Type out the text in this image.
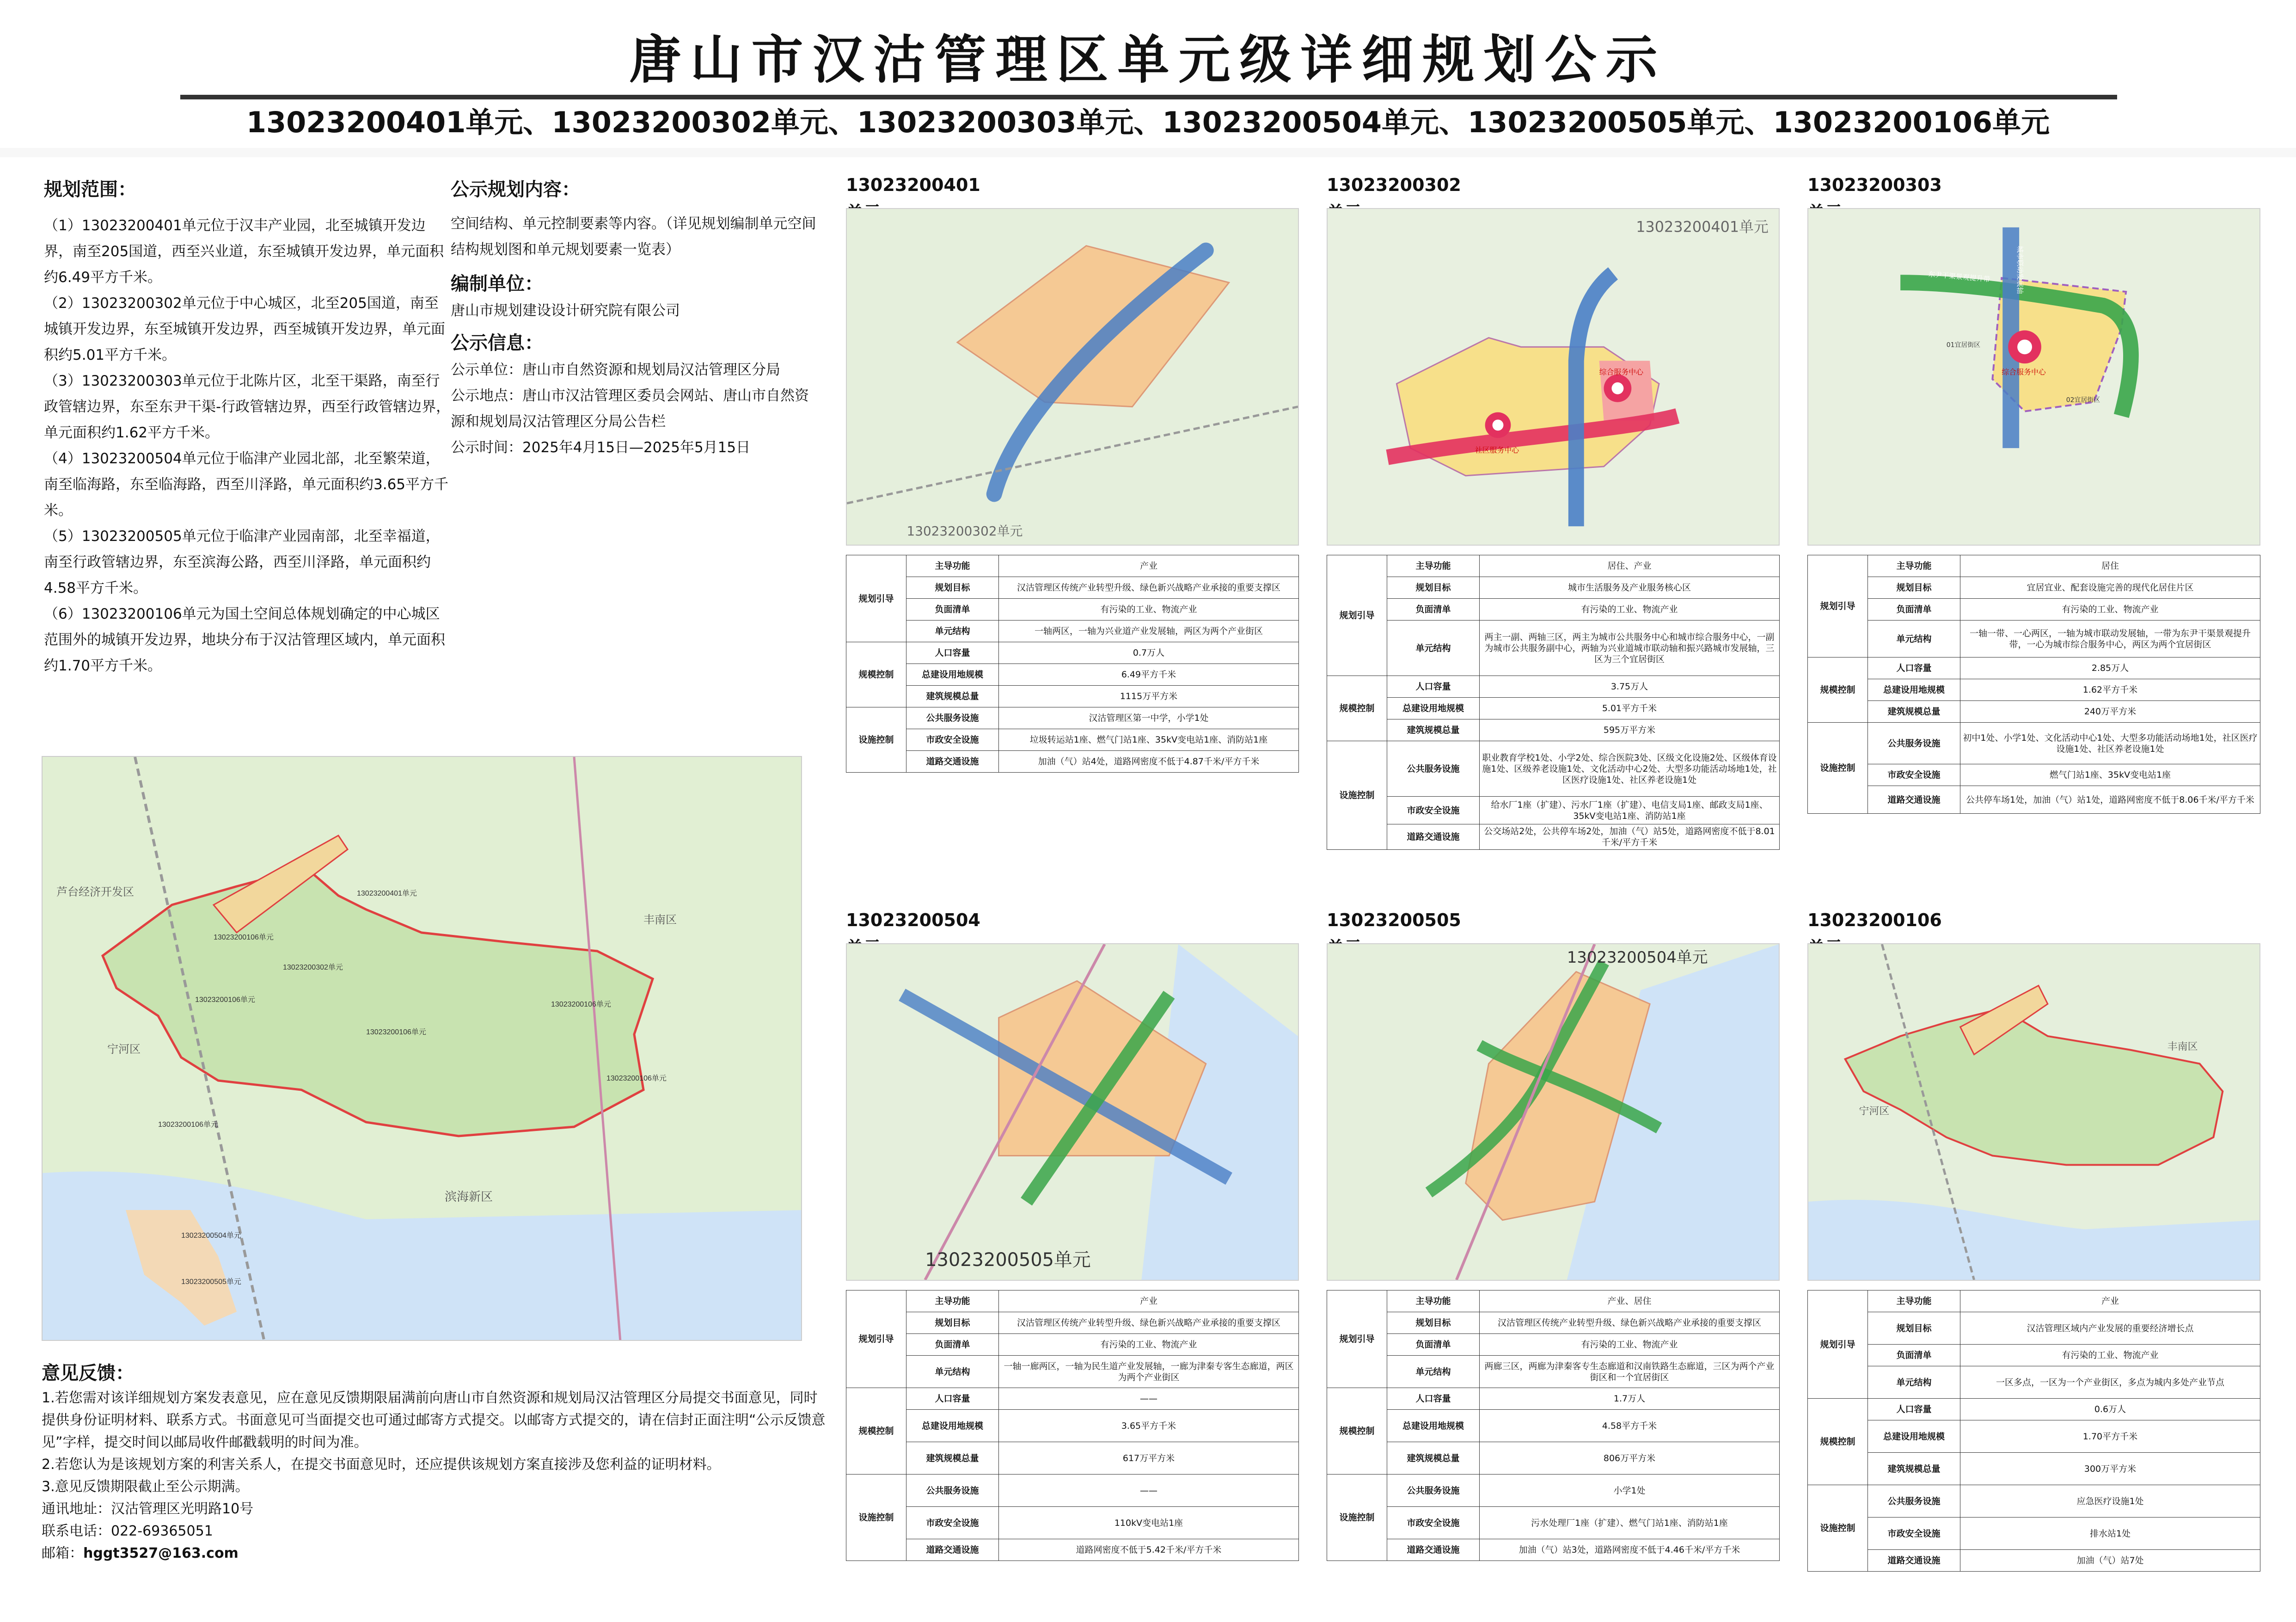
唐山市汉沽管理区单元级详细规划公示
13023200401单元、13023200302单元、13023200303单元、13023200504单元、13023200505单元、13023200106单元
规划范围：
（1）13023200401单元位于汉丰产业园，北至城镇开发边界，南至205国道，西至兴业道，东至城镇开发边界，单元面积约6.49平方千米。
（2）13023200302单元位于中心城区，北至205国道，南至城镇开发边界，东至城镇开发边界，西至城镇开发边界，单元面积约5.01平方千米。
（3）13023200303单元位于北陈片区，北至干渠路，南至行政管辖边界，东至东尹干渠-行政管辖边界，西至行政管辖边界，单元面积约1.62平方千米。
（4）13023200504单元位于临津产业园北部，北至繁荣道，南至临海路，东至临海路，西至川泽路，单元面积约3.65平方千米。
（5）13023200505单元位于临津产业园南部，北至幸福道，南至行政管辖边界，东至滨海公路，西至川泽路，单元面积约4.58平方千米。
（6）13023200106单元为国土空间总体规划确定的中心城区范围外的城镇开发边界，地块分布于汉沽管理区域内，单元面积约1.70平方千米。
公示规划内容：
空间结构、单元控制要素等内容。（详见规划编制单元空间结构规划图和单元规划要素一览表）
编制单位：
唐山市规划建设设计研究院有限公司
公示信息：
公示单位：唐山市自然资源和规划局汉沽管理区分局
公示地点：唐山市汉沽管理区委员会网站、唐山市自然资源和规划局汉沽管理区分局公告栏
公示时间：2025年4月15日—2025年5月15日
芦台经济开发区
丰南区
宁河区
滨海新区
13023200401单元
13023200106单元
13023200302单元
13023200106单元
13023200106单元
13023200106单元
13023200106单元
13023200106单元
13023200504单元
13023200505单元
意见反馈：
1.若您需对该详细规划方案发表意见，应在意见反馈期限届满前向唐山市自然资源和规划局汉沽管理区分局提交书面意见，同时提供身份证明材料、联系方式。书面意见可当面提交也可通过邮寄方式提交。以邮寄方式提交的，请在信封正面注明“公示反馈意见”字样，提交时间以邮局收件邮戳载明的时间为准。
2.若您认为是该规划方案的利害关系人，在提交书面意见时，还应提供该规划方案直接涉及您利益的证明材料。
3.意见反馈期限截止至公示期满。
通讯地址：汉沽管理区光明路10号
联系电话：022-69365051
邮箱：hggt3527@163.com
13023200401
13023200302单元
规划引导	主导功能	产业
	规划目标	汉沽管理区传统产业转型升级、绿色新兴战略产业承接的重要支撑区
	负面清单	有污染的工业、物流产业
	单元结构	一轴两区，一轴为兴业道产业发展轴，两区为两个产业街区
规模控制	人口容量	0.7万人
	总建设用地规模	6.49平方千米
	建筑规模总量	1115万平方米
设施控制	公共服务设施	汉沽管理区第一中学，小学1处
	市政安全设施	垃圾转运站1座、燃气门站1座、35kV变电站1座、消防站1座
	道路交通设施	加油（气）站4处，道路网密度不低于4.87千米/平方千米
13023200302
13023200401单元
综合服务中心
社区服务中心
规划引导	主导功能	居住、产业
	规划目标	城市生活服务及产业服务核心区
	负面清单	有污染的工业、物流产业
	单元结构	两主一副、两轴三区，两主为城市公共服务中心和城市综合服务中心，一副为城市公共服务副中心，两轴为兴业道城市联动轴和振兴路城市发展轴，三区为三个宜居街区
规模控制	人口容量	3.75万人
	总建设用地规模	5.01平方千米
	建筑规模总量	595万平方米
设施控制	公共服务设施	职业教育学校1处、小学2处、综合医院3处、区级文化设施2处、区级体育设施1处、区级养老设施1处、文化活动中心2处、大型多功能活动场地1处，社区医疗设施1处、社区养老设施1处
	市政安全设施	给水厂1座（扩建）、污水厂1座（扩建）、电信支局1座、邮政支局1座、35kV变电站1座、消防站1座
	道路交通设施	公交场站2处，公共停车场2处，加油（气）站5处，道路网密度不低于8.01千米/平方千米
13023200303
东尹干渠景观提升带	城市联动发展轴
综合服务中心
01宜居街区
02宜居街区
规划引导	主导功能	居住
	规划目标	宜居宜业、配套设施完善的现代化居住片区
	负面清单	有污染的工业、物流产业
	单元结构	一轴一带、一心两区，一轴为城市联动发展轴，一带为东尹干渠景观提升带，一心为城市综合服务中心，两区为两个宜居街区
规模控制	人口容量	2.85万人
	总建设用地规模	1.62平方千米
	建筑规模总量	240万平方米
设施控制	公共服务设施	初中1处、小学1处、文化活动中心1处、大型多功能活动场地1处，社区医疗设施1处、社区养老设施1处
	市政安全设施	燃气门站1座、35kV变电站1座
	道路交通设施	公共停车场1处，加油（气）站1处，道路网密度不低于8.06千米/平方千米
13023200504
13023200505单元
规划引导	主导功能	产业
	规划目标	汉沽管理区传统产业转型升级、绿色新兴战略产业承接的重要支撑区
	负面清单	有污染的工业、物流产业
	单元结构	一轴一廊两区，一轴为民生道产业发展轴，一廊为津秦专客生态廊道，两区为两个产业街区
规模控制	人口容量	——
	总建设用地规模	3.65平方千米
	建筑规模总量	617万平方米
设施控制	公共服务设施	——
	市政安全设施	110kV变电站1座
	道路交通设施	道路网密度不低于5.42千米/平方千米
13023200505
13023200504单元
规划引导	主导功能	产业、居住
	规划目标	汉沽管理区传统产业转型升级、绿色新兴战略产业承接的重要支撑区
	负面清单	有污染的工业、物流产业
	单元结构	两廊三区，两廊为津秦客专生态廊道和汉南铁路生态廊道，三区为两个产业街区和一个宜居街区
规模控制	人口容量	1.7万人
	总建设用地规模	4.58平方千米
	建筑规模总量	806万平方米
设施控制	公共服务设施	小学1处
	市政安全设施	污水处理厂1座（扩建）、燃气门站1座、消防站1座
	道路交通设施	加油（气）站3处，道路网密度不低于4.46千米/平方千米
13023200106
丰南区
宁河区
规划引导	主导功能	产业
	规划目标	汉沽管理区域内产业发展的重要经济增长点
	负面清单	有污染的工业、物流产业
	单元结构	一区多点，一区为一个产业街区，多点为城内多处产业节点
规模控制	人口容量	0.6万人
	总建设用地规模	1.70平方千米
	建筑规模总量	300万平方米
设施控制	公共服务设施	应急医疗设施1处
	市政安全设施	排水站1处
	道路交通设施	加油（气）站7处
